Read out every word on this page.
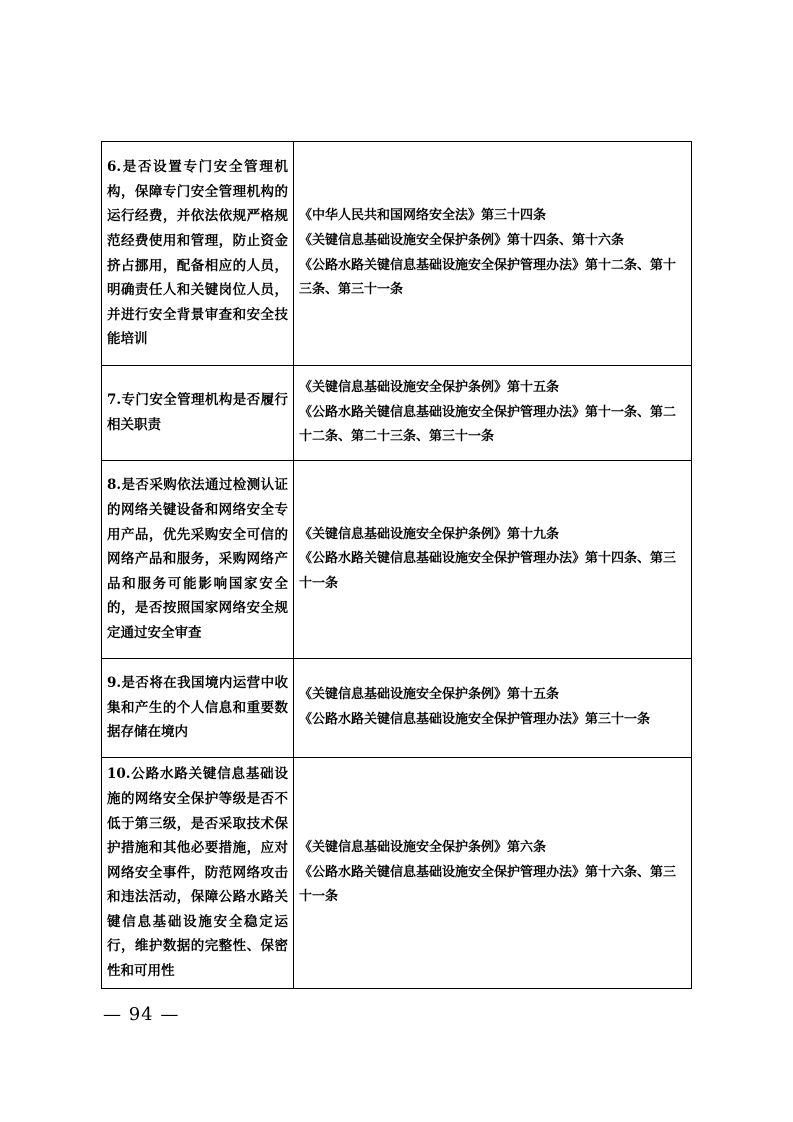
6.是否设置专门安全管理机构，保障专门安全管理机构的运行经费，并依法依规严格规范经费使用和管理，防止资金挤占挪用，配备相应的人员，明确责任人和关键岗位人员，并进行安全背景审查和安全技能培训	《中华人民共和国网络安全法》第三十四条
《关键信息基础设施安全保护条例》第十四条、第十六条
《公路水路关键信息基础设施安全保护管理办法》第十二条、第十三条、第三十一条

7.专门安全管理机构是否履行相关职责	《关键信息基础设施安全保护条例》第十五条
《公路水路关键信息基础设施安全保护管理办法》第十一条、第二十二条、第二十三条、第三十一条

8.是否采购依法通过检测认证的网络关键设备和网络安全专用产品，优先采购安全可信的网络产品和服务，采购网络产品和服务可能影响国家安全的，是否按照国家网络安全规定通过安全审查	《关键信息基础设施安全保护条例》第十九条
《公路水路关键信息基础设施安全保护管理办法》第十四条、第三十一条

9.是否将在我国境内运营中收集和产生的个人信息和重要数据存储在境内	《关键信息基础设施安全保护条例》第十五条
《公路水路关键信息基础设施安全保护管理办法》第三十一条

10.公路水路关键信息基础设施的网络安全保护等级是否不低于第三级，是否采取技术保护措施和其他必要措施，应对网络安全事件，防范网络攻击和违法活动，保障公路水路关键信息基础设施安全稳定运行，维护数据的完整性、保密性和可用性	《关键信息基础设施安全保护条例》第六条
《公路水路关键信息基础设施安全保护管理办法》第十六条、第三十一条
— 94 —
